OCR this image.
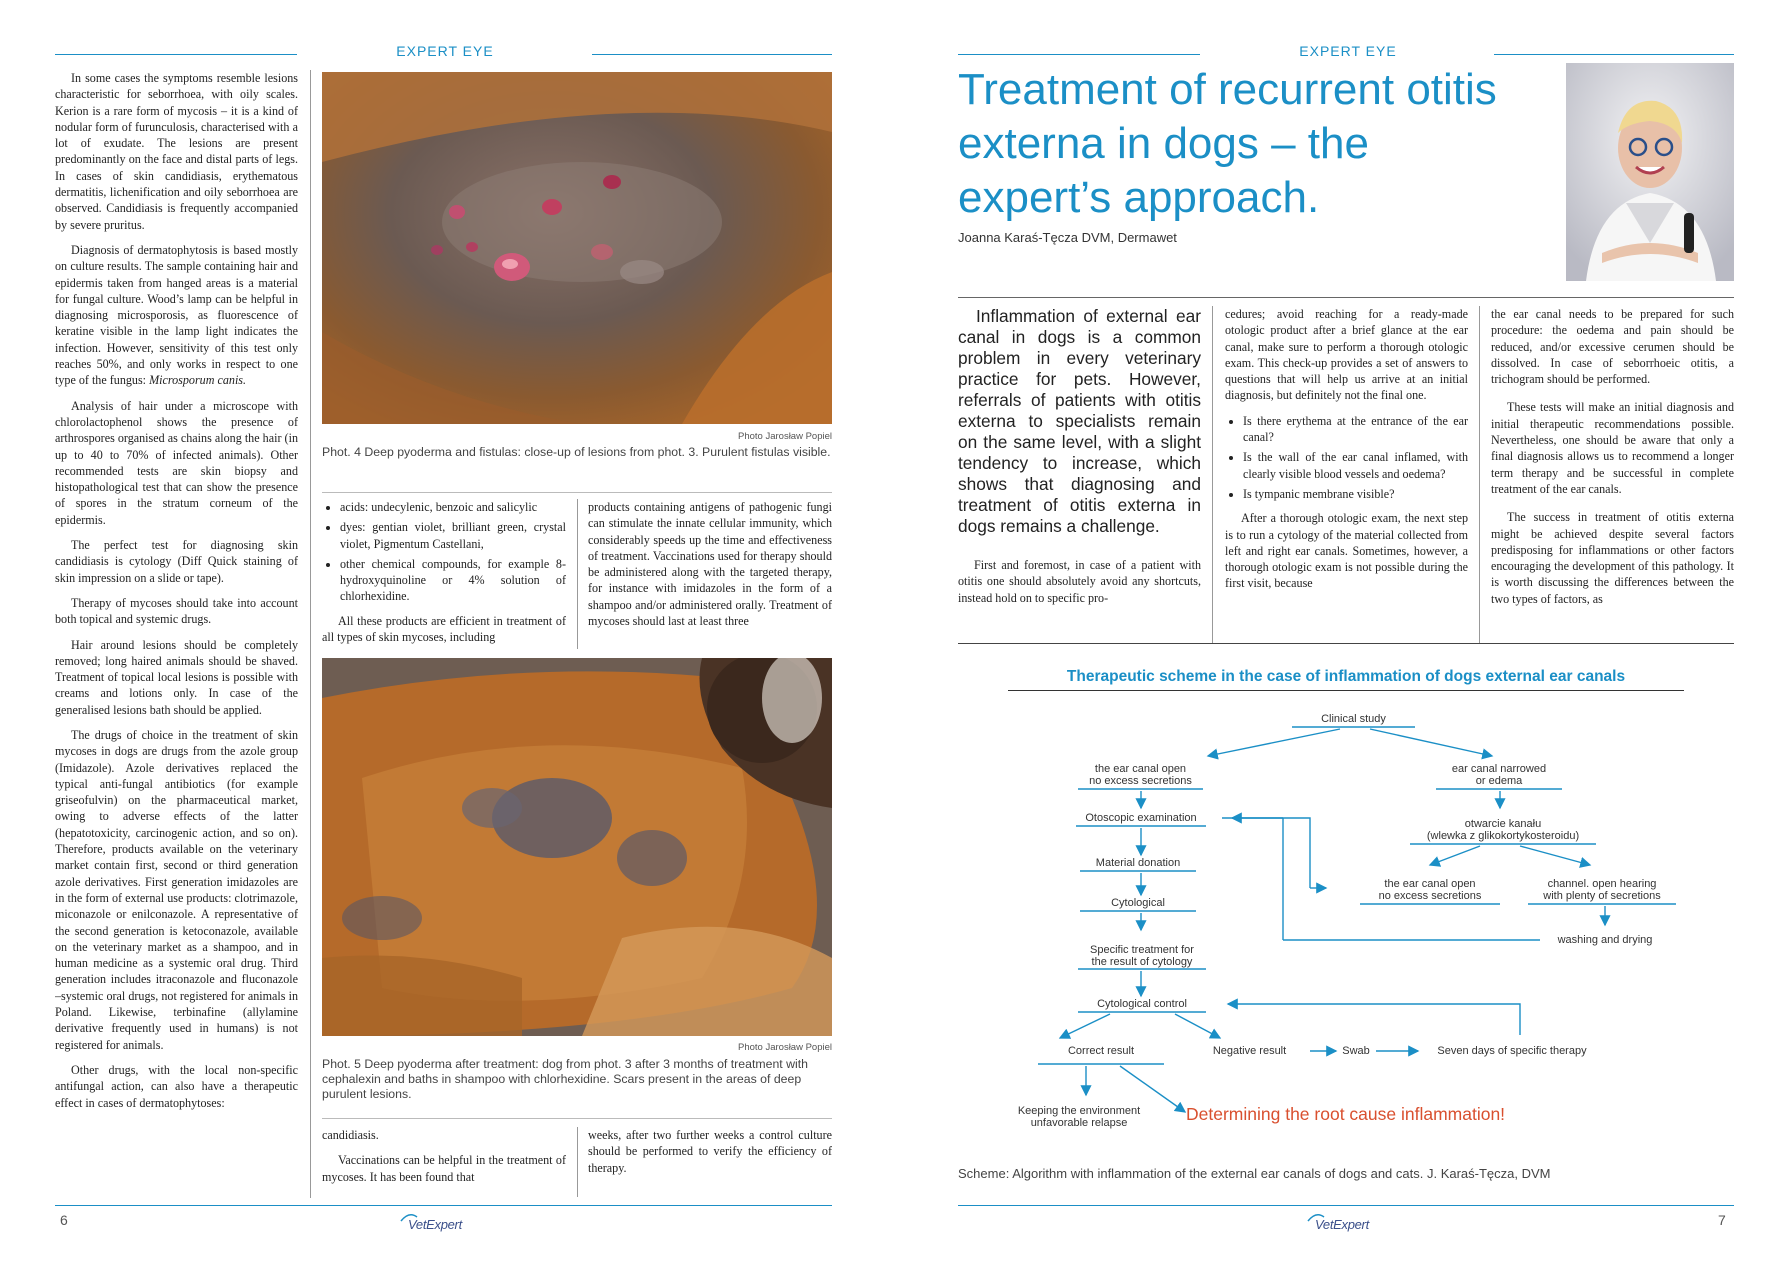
EXPERT EYE

In some cases the symptoms resemble lesions characteristic for seborrhoea, with oily scales. Kerion is a rare form of mycosis – it is a kind of nodular form of furunculosis, characterised with a lot of exudate. The lesions are present predominantly on the face and distal parts of legs. In cases of skin candidiasis, erythematous dermatitis, lichenification and oily seborrhoea are observed. Candidiasis is frequently accompanied by severe pruritus.

Diagnosis of dermatophytosis is based mostly on culture results. The sample containing hair and epidermis taken from hanged areas is a material for fungal culture. Wood’s lamp can be helpful in diagnosing microsporosis, as fluorescence of keratine visible in the lamp light indicates the infection. However, sensitivity of this test only reaches 50%, and only works in respect to one type of the fungus: Microsporum canis.

Analysis of hair under a microscope with chlorolactophenol shows the presence of arthrospores organised as chains along the hair (in up to 40 to 70% of infected animals). Other recommended tests are skin biopsy and histopathological test that can show the presence of spores in the stratum corneum of the epidermis.

The perfect test for diagnosing skin candidiasis is cytology (Diff Quick staining of skin impression on a slide or tape).

Therapy of mycoses should take into account both topical and systemic drugs.

Hair around lesions should be completely removed; long haired animals should be shaved. Treatment of topical local lesions is possible with creams and lotions only. In case of the generalised lesions bath should be applied.

The drugs of choice in the treatment of skin mycoses in dogs are drugs from the azole group (Imidazole). Azole derivatives replaced the typical anti-fungal antibiotics (for example griseofulvin) on the pharmaceutical market, owing to adverse effects of the latter (hepatotoxicity, carcinogenic action, and so on). Therefore, products available on the veterinary market contain first, second or third generation azole derivatives. First generation imidazoles are in the form of external use products: clotrimazole, miconazole or enilconazole. A representative of the second generation is ketoconazole, available on the veterinary market as a shampoo, and in human medicine as a systemic oral drug. Third generation includes itraconazole and fluconazole –systemic oral drugs, not registered for animals in Poland. Likewise, terbinafine (allylamine derivative frequently used in humans) is not registered for animals.

Other drugs, with the local non-specific antifungal action, can also have a therapeutic effect in cases of dermatophytoses:

Photo Jarosław Popiel
Phot. 4 Deep pyoderma and fistulas: close-up of lesions from phot. 3. Purulent fistulas visible.
• acids: undecylenic, benzoic and salicylic
• dyes: gentian violet, brilliant green, crystal violet, Pigmentum Castellani,
• other chemical compounds, for example 8-hydroxyquinoline or 4% solution of chlorhexidine.

All these products are efficient in treatment of all types of skin mycoses, including

products containing antigens of pathogenic fungi can stimulate the innate cellular immunity, which considerably speeds up the time and effectiveness of treatment. Vaccinations used for therapy should be administered along with the targeted therapy, for instance with imidazoles in the form of a shampoo and/or administered orally. Treatment of mycoses should last at least three

Photo Jarosław Popiel
Phot. 5 Deep pyoderma after treatment: dog from phot. 3 after 3 months of treatment with cephalexin and baths in shampoo with chlorhexidine. Scars present in the areas of deep purulent lesions.

candidiasis.

Vaccinations can be helpful in the treatment of mycoses. It has been found that

weeks, after two further weeks a control culture should be performed to verify the efficiency of therapy.

6	VetExpert
EXPERT EYE
Treatment of recurrent otitis externa in dogs – the expert’s approach.
Joanna Karaś-Tęcza DVM, Dermawet
Inflammation of external ear canal in dogs is a common problem in every veterinary practice for pets. However, referrals of patients with otitis externa to specialists remain on the same level, with a slight tendency to increase, which shows that diagnosing and treatment of otitis externa in dogs remains a challenge.

First and foremost, in case of a patient with otitis one should absolutely avoid any shortcuts, instead hold on to specific pro-

cedures; avoid reaching for a ready-made otologic product after a brief glance at the ear canal, make sure to perform a thorough otologic exam. This check-up provides a set of answers to questions that will help us arrive at an initial diagnosis, but definitely not the final one.

• Is there erythema at the entrance of the ear canal?
• Is the wall of the ear canal inflamed, with clearly visible blood vessels and oedema?
• Is tympanic membrane visible?

After a thorough otologic exam, the next step is to run a cytology of the material collected from left and right ear canals. Sometimes, however, a thorough otologic exam is not possible during the first visit, because

the ear canal needs to be prepared for such procedure: the oedema and pain should be reduced, and/or excessive cerumen should be dissolved. In case of seborrhoeic otitis, a trichogram should be performed.

These tests will make an initial diagnosis and initial therapeutic recommendations possible. Nevertheless, one should be aware that only a final diagnosis allows us to recommend a longer term therapy and be successful in complete treatment of the ear canals.

The success in treatment of otitis externa might be achieved despite several factors predisposing for inflammations or other factors encouraging the development of this pathology. It is worth discussing the differences between the two types of factors, as

Therapeutic scheme in the case of inflammation of dogs external ear canals
Clinical study
the ear canal open
no excess secretions
ear canal narrowed
or edema
Otoscopic examination	otwarcie kanału
(wlewka z glikokortykosteroidu)
Material donation
the ear canal open
no excess secretions
channel. open hearing
with plenty of secretions
Cytological
washing and drying
Specific treatment for
the result of cytology
Cytological control
Correct result	Negative result	Swab	Seven days of specific therapy
Keeping the environment
unfavorable relapse	Determining the root cause inflammation!
Scheme: Algorithm with inflammation of the external ear canals of dogs and cats. J. Karaś-Tęcza, DVM
VetExpert	7
